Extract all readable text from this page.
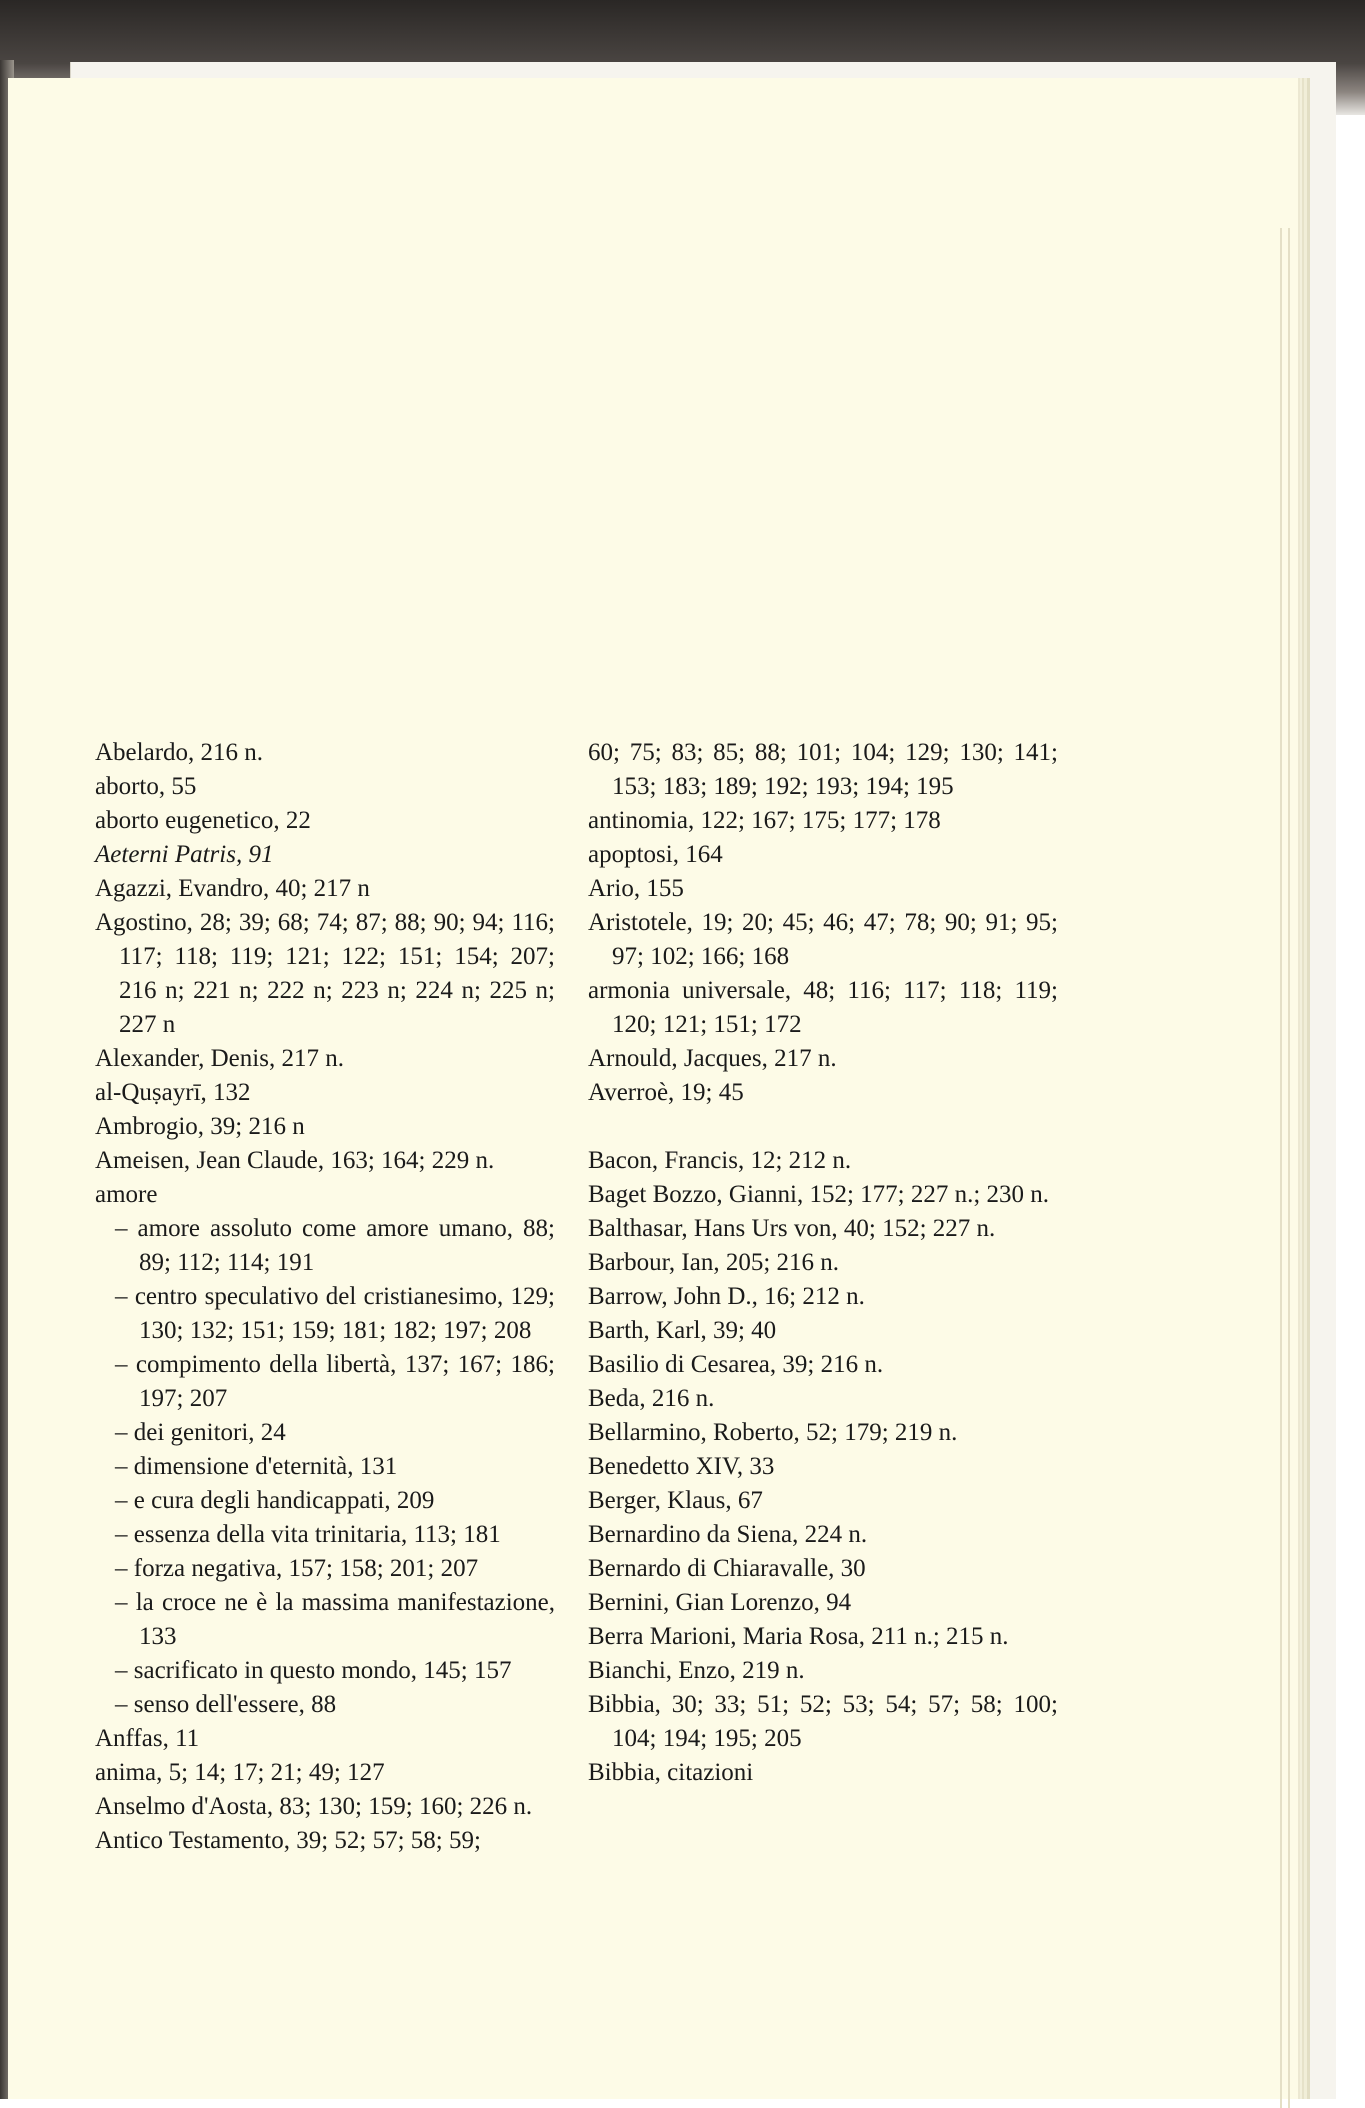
Abelardo, 216 n.

aborto, 55

aborto eugenetico, 22

Aeterni Patris, 91

Agazzi, Evandro, 40; 217 n

Agostino, 28; 39; 68; 74; 87; 88; 90; 94; 116; 117; 118; 119; 121; 122; 151; 154; 207; 216 n; 221 n; 222 n; 223 n; 224 n; 225 n; 227 n

Alexander, Denis, 217 n.

al-Quṣayrī, 132

Ambrogio, 39; 216 n

Ameisen, Jean Claude, 163; 164; 229 n.

amore

– amore assoluto come amore umano, 88; 89; 112; 114; 191

– centro speculativo del cristianesimo, 129; 130; 132; 151; 159; 181; 182; 197; 208

– compimento della libertà, 137; 167; 186; 197; 207

– dei genitori, 24

– dimensione d'eternità, 131

– e cura degli handicappati, 209

– essenza della vita trinitaria, 113; 181

– forza negativa, 157; 158; 201; 207

– la croce ne è la massima manifestazione, 133

– sacrificato in questo mondo, 145; 157

– senso dell'essere, 88

Anffas, 11

anima, 5; 14; 17; 21; 49; 127

Anselmo d'Aosta, 83; 130; 159; 160; 226 n.

Antico Testamento, 39; 52; 57; 58; 59;

60; 75; 83; 85; 88; 101; 104; 129; 130; 141; 153; 183; 189; 192; 193; 194; 195

antinomia, 122; 167; 175; 177; 178

apoptosi, 164

Ario, 155

Aristotele, 19; 20; 45; 46; 47; 78; 90; 91; 95; 97; 102; 166; 168

armonia universale, 48; 116; 117; 118; 119; 120; 121; 151; 172

Arnould, Jacques, 217 n.

Averroè, 19; 45

Bacon, Francis, 12; 212 n.

Baget Bozzo, Gianni, 152; 177; 227 n.; 230 n.

Balthasar, Hans Urs von, 40; 152; 227 n.

Barbour, Ian, 205; 216 n.

Barrow, John D., 16; 212 n.

Barth, Karl, 39; 40

Basilio di Cesarea, 39; 216 n.

Beda, 216 n.

Bellarmino, Roberto, 52; 179; 219 n.

Benedetto XIV, 33

Berger, Klaus, 67

Bernardino da Siena, 224 n.

Bernardo di Chiaravalle, 30

Bernini, Gian Lorenzo, 94

Berra Marioni, Maria Rosa, 211 n.; 215 n.

Bianchi, Enzo, 219 n.

Bibbia, 30; 33; 51; 52; 53; 54; 57; 58; 100; 104; 194; 195; 205

Bibbia, citazioni
